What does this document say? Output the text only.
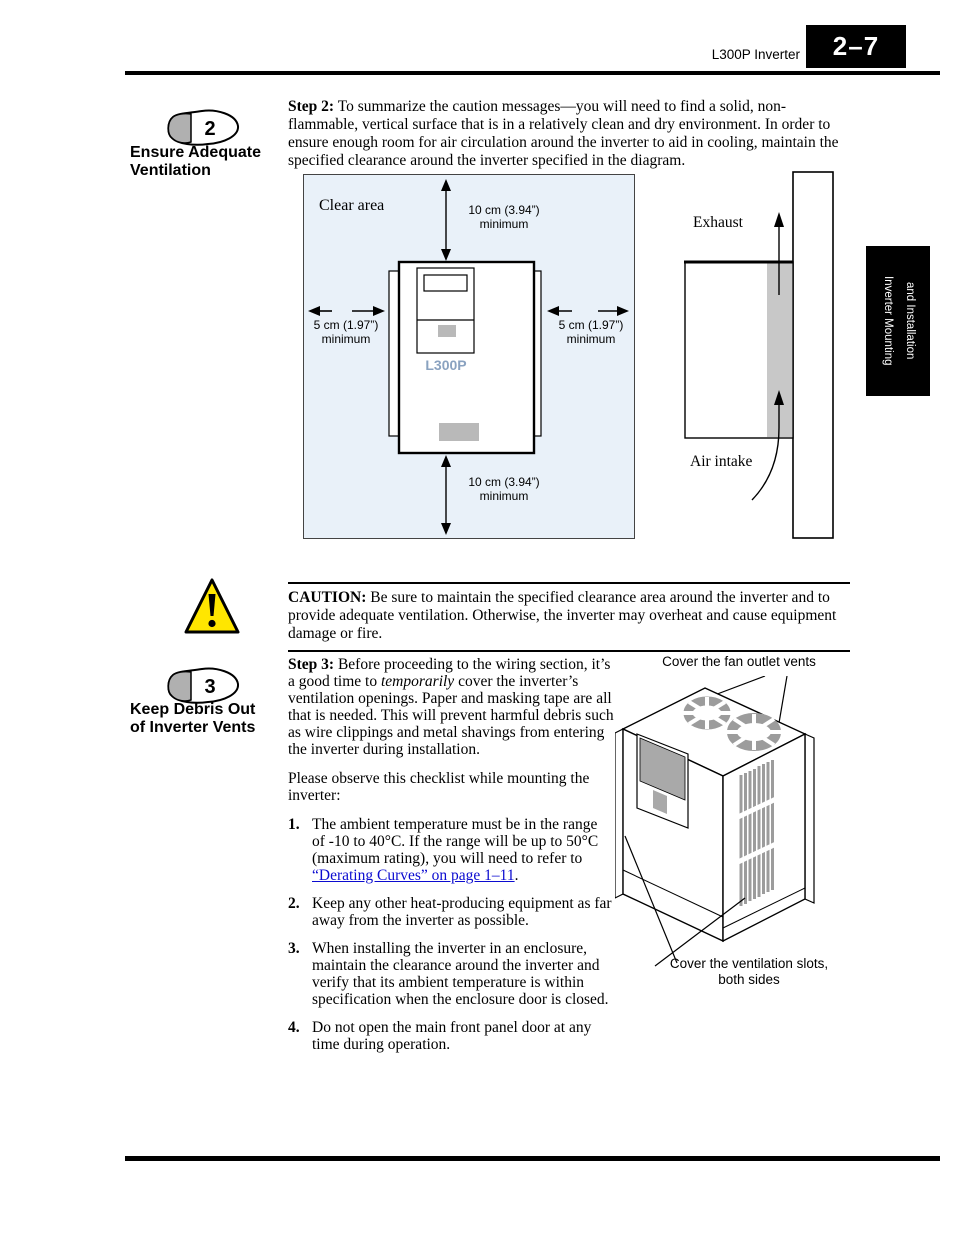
L300P Inverter 2–7
Inverter Mounting and Installation
2
Ensure Adequate
Ventilation
Step 2: To summarize the caution messages—you will need to find a solid, non-flammable, vertical surface that is in a relatively clean and dry environment. In order to ensure enough room for air circulation around the inverter to aid in cooling, maintain the specified clearance around the inverter specified in the diagram.
Clear area	10 cm (3.94”)
minimum
5 cm (1.97”)
minimum
5 cm (1.97”)
minimum
10 cm (3.94”)
minimum
L300P
Exhaust
Air intake
CAUTION: Be sure to maintain the specified clearance area around the inverter and to provide adequate ventilation. Otherwise, the inverter may overheat and cause equipment damage or fire.
3
Keep Debris Out
of Inverter Vents

Step 3: Before proceeding to the wiring section, it’s a good time to temporarily cover the inverter’s ventilation openings. Paper and masking tape are all that is needed. This will prevent harmful debris such as wire clippings and metal shavings from entering the inverter during installation.

Please observe this checklist while mounting the inverter:

1. The ambient temperature must be in the range of -10 to 40°C. If the range will be up to 50°C (maximum rating), you will need to refer to “Derating Curves” on page 1–11.
2. Keep any other heat-producing equipment as far away from the inverter as possible.
3. When installing the inverter in an enclosure, maintain the clearance around the inverter and verify that its ambient temperature is within specification when the enclosure door is closed.
4. Do not open the main front panel door at any time during operation.
Cover the fan outlet vents
Cover the ventilation slots,
both sides
